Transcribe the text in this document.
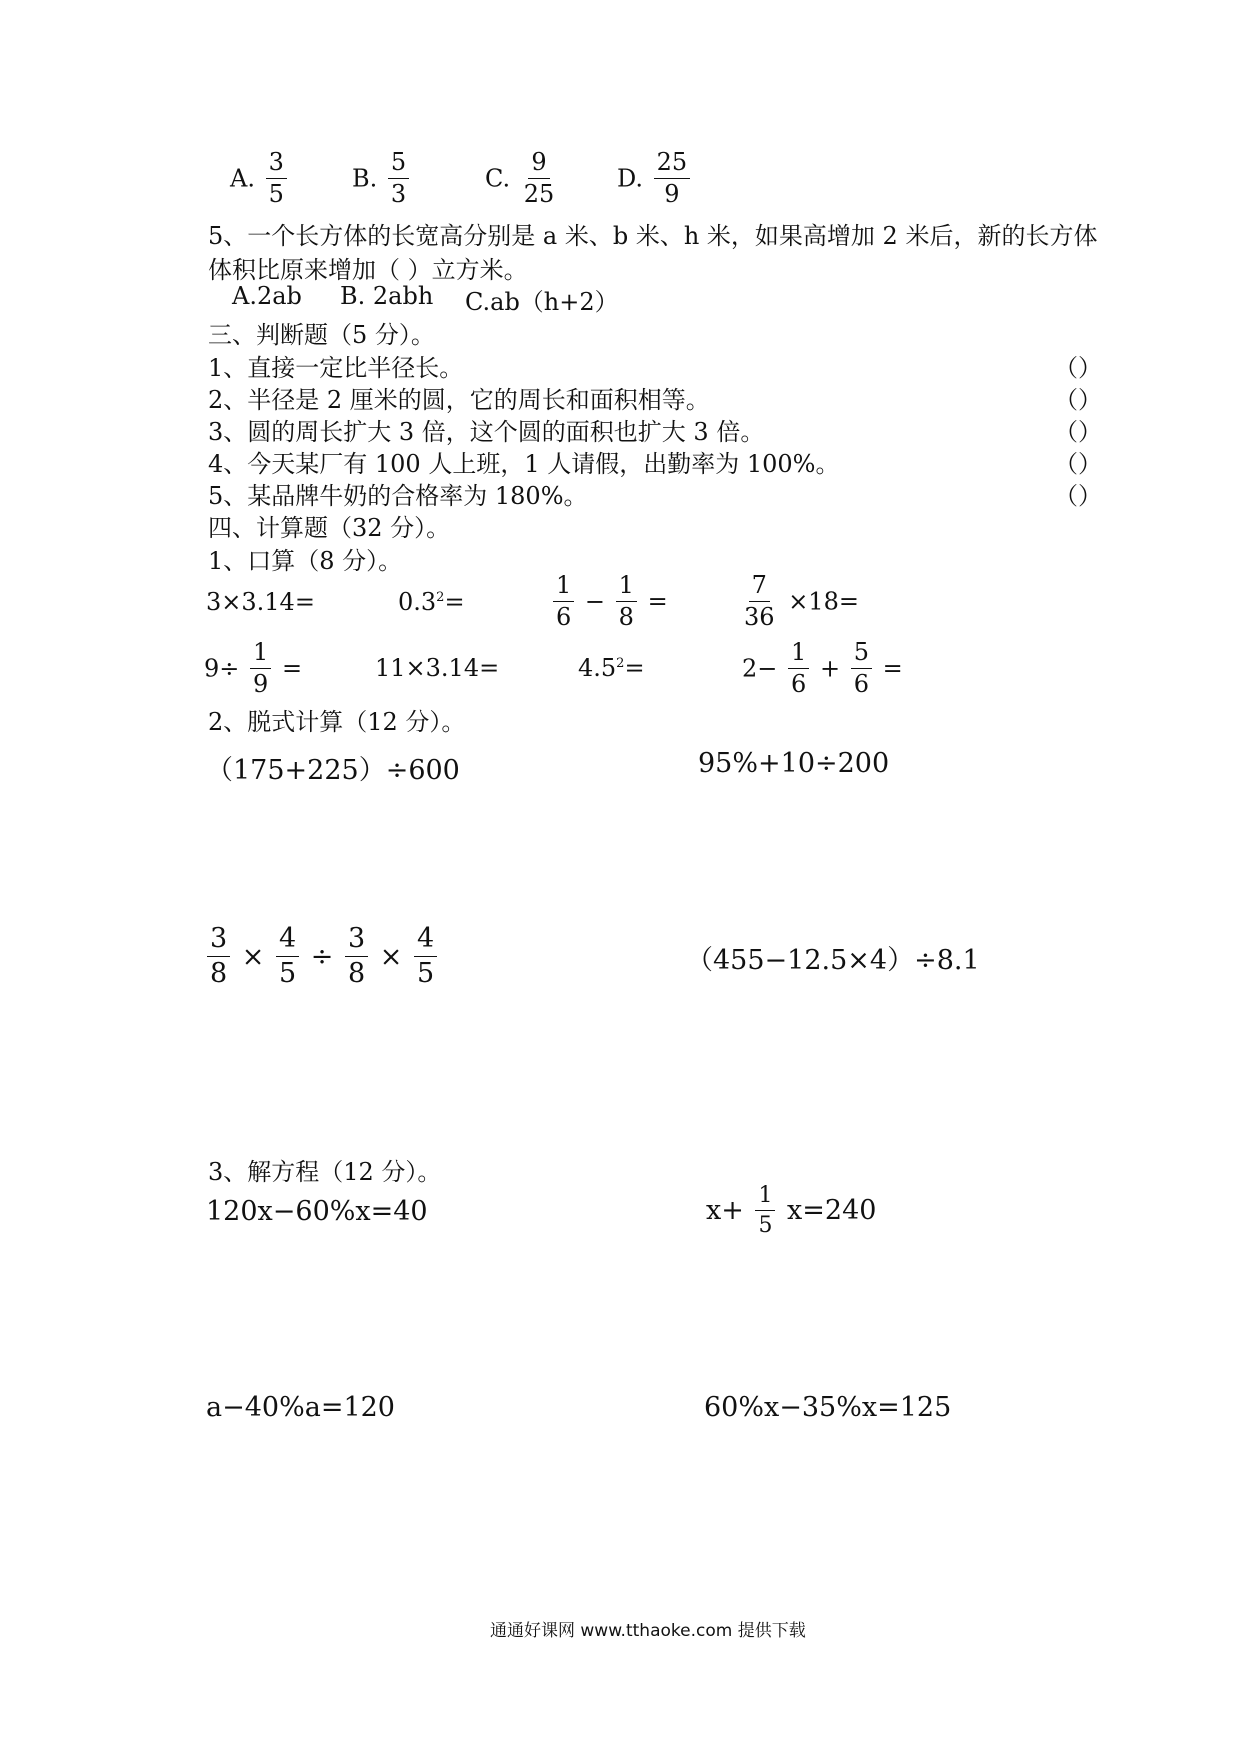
A. $\frac{3}{5}$	B. $\frac{5}{3}$	C. $\frac{9}{25} D$. $\frac{25}{9}$
5、一个长方体的长宽高分别是 a 米、b 米、h 米，如果高增加 2 米后，新的长方体
体积比原来增加（ ）立方米。
A.2ab B. 2abh C.ab（h+2）
三、判断题（5 分）。
1、直接一定比半径长。	（ ）
2、半径是 2 厘米的圆，它的周长和面积相等。	（ ）
3、圆的周长扩大 3 倍，这个圆的面积也扩大 3 倍。	（ ）
4、今天某厂有 100 人上班，1 人请假，出勤率为 100%。	（ ）
5、某品牌牛奶的合格率为 180%。	（ ）
四、计算题（32 分）。
1、口算（8 分）。
3×3.14=	$0.3^2=$	$\frac{1}{6} - \frac{1}{8}$ =	$\frac{7}{36} \times 18=$
$9\div \frac{1}{9}$ =	11×3.14=	$4.5^2=$	$2- \frac{1}{6} + \frac{5}{6}$ =
2、脱式计算（12 分）。
（175+225）÷600	95%+10÷200
$\frac{3}{8} \times \frac{4}{5} \div \frac{3}{8} \times \frac{4}{5}$	（455−12.5×4）÷8.1
3、解方程（12 分）。
120x−60%x=40	$x+ \frac{1}{5} x=240$
a−40%a=120	60%x−35%x=125
通通好课网 www.tthaoke.com 提供下载
